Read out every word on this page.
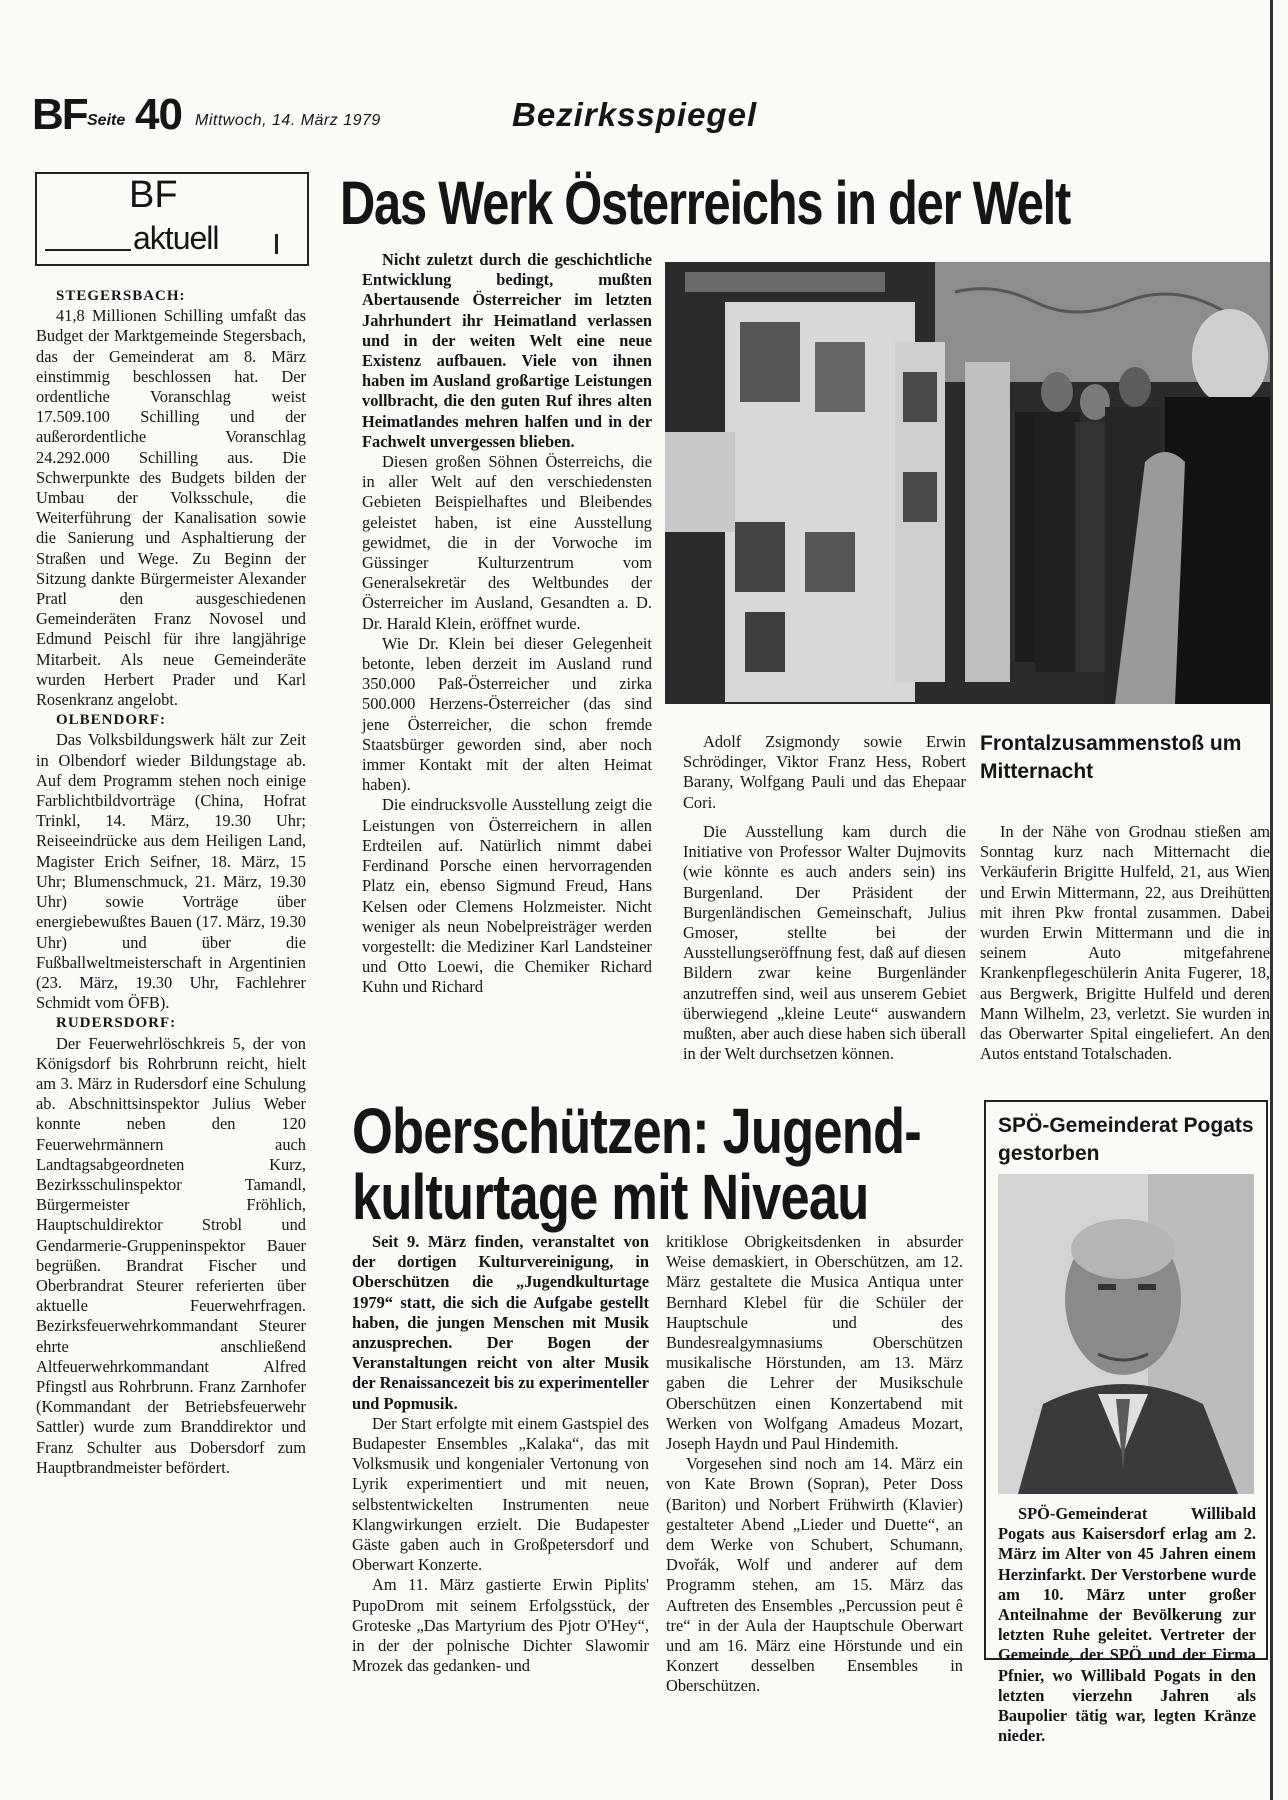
BF Seite 40 Mittwoch, 14. März 1979	Bezirksspiegel
BF
aktuell

STEGERSBACH:

41,8 Millionen Schilling umfaßt das Budget der Marktgemeinde Stegersbach, das der Gemeinderat am 8. März einstimmig beschlossen hat. Der ordentliche Voranschlag weist 17.509.100 Schilling und der außerordentliche Voranschlag 24.292.000 Schilling aus. Die Schwerpunkte des Budgets bilden der Umbau der Volksschule, die Weiterführung der Kanalisation sowie die Sanierung und Asphaltierung der Straßen und Wege. Zu Beginn der Sitzung dankte Bürgermeister Alexander Pratl den ausgeschiedenen Gemeinderäten Franz Novosel und Edmund Peischl für ihre langjährige Mitarbeit. Als neue Gemeinderäte wurden Herbert Prader und Karl Rosenkranz angelobt.

OLBENDORF:

Das Volksbildungswerk hält zur Zeit in Olbendorf wieder Bildungstage ab. Auf dem Programm stehen noch einige Farblichtbildvorträge (China, Hofrat Trinkl, 14. März, 19.30 Uhr; Reiseeindrücke aus dem Heiligen Land, Magister Erich Seifner, 18. März, 15 Uhr; Blumenschmuck, 21. März, 19.30 Uhr) sowie Vorträge über energiebewußtes Bauen (17. März, 19.30 Uhr) und über die Fußballweltmeisterschaft in Argentinien (23. März, 19.30 Uhr, Fachlehrer Schmidt vom ÖFB).

RUDERSDORF:

Der Feuerwehrlöschkreis 5, der von Königsdorf bis Rohrbrunn reicht, hielt am 3. März in Rudersdorf eine Schulung ab. Abschnittsinspektor Julius Weber konnte neben den 120 Feuerwehrmännern auch Landtagsabgeordneten Kurz, Bezirksschulinspektor Tamandl, Bürgermeister Fröhlich, Hauptschuldirektor Strobl und Gendarmerie-Gruppeninspektor Bauer begrüßen. Brandrat Fischer und Oberbrandrat Steurer referierten über aktuelle Feuerwehrfragen. Bezirksfeuerwehrkommandant Steurer ehrte anschließend Altfeuerwehrkommandant Alfred Pfingstl aus Rohrbrunn. Franz Zarnhofer (Kommandant der Betriebsfeuerwehr Sattler) wurde zum Branddirektor und Franz Schulter aus Dobersdorf zum Hauptbrandmeister befördert.

Das Werk Österreichs in der Welt

Nicht zuletzt durch die geschichtliche Entwicklung bedingt, mußten Abertausende Österreicher im letzten Jahrhundert ihr Heimatland verlassen und in der weiten Welt eine neue Existenz aufbauen. Viele von ihnen haben im Ausland großartige Leistungen vollbracht, die den guten Ruf ihres alten Heimatlandes mehren halfen und in der Fachwelt unvergessen blieben.

Diesen großen Söhnen Österreichs, die in aller Welt auf den verschiedensten Gebieten Beispielhaftes und Bleibendes geleistet haben, ist eine Ausstellung gewidmet, die in der Vorwoche im Güssinger Kulturzentrum vom Generalsekretär des Weltbundes der Österreicher im Ausland, Gesandten a. D. Dr. Harald Klein, eröffnet wurde.

Wie Dr. Klein bei dieser Gelegenheit betonte, leben derzeit im Ausland rund 350.000 Paß-Österreicher und zirka 500.000 Herzens-Österreicher (das sind jene Österreicher, die schon fremde Staatsbürger geworden sind, aber noch immer Kontakt mit der alten Heimat haben).

Die eindrucksvolle Ausstellung zeigt die Leistungen von Österreichern in allen Erdteilen auf. Natürlich nimmt dabei Ferdinand Porsche einen hervorragenden Platz ein, ebenso Sigmund Freud, Hans Kelsen oder Clemens Holzmeister. Nicht weniger als neun Nobelpreisträger werden vorgestellt: die Mediziner Karl Landsteiner und Otto Loewi, die Chemiker Richard Kuhn und Richard

Adolf Zsigmondy sowie Erwin Schrödinger, Viktor Franz Hess, Robert Barany, Wolfgang Pauli und das Ehepaar Cori.

Die Ausstellung kam durch die Initiative von Professor Walter Dujmovits (wie könnte es auch anders sein) ins Burgenland. Der Präsident der Burgenländischen Gemeinschaft, Julius Gmoser, stellte bei der Ausstellungseröffnung fest, daß auf diesen Bildern zwar keine Burgenländer anzutreffen sind, weil aus unserem Gebiet überwiegend „kleine Leute“ auswandern mußten, aber auch diese haben sich überall in der Welt durchsetzen können.

Frontalzusammenstoß um Mitternacht

In der Nähe von Grodnau stießen am Sonntag kurz nach Mitternacht die Verkäuferin Brigitte Hulfeld, 21, aus Wien und Erwin Mittermann, 22, aus Dreihütten mit ihren Pkw frontal zusammen. Dabei wurden Erwin Mittermann und die in seinem Auto mitgefahrene Krankenpflegeschülerin Anita Fugerer, 18, aus Bergwerk, Brigitte Hulfeld und deren Mann Wilhelm, 23, verletzt. Sie wurden in das Oberwarter Spital eingeliefert. An den Autos entstand Totalschaden.

Oberschützen: Jugend-
kulturtage mit Niveau

Seit 9. März finden, veranstaltet von der dortigen Kulturvereinigung, in Oberschützen die „Jugendkulturtage 1979“ statt, die sich die Aufgabe gestellt haben, die jungen Menschen mit Musik anzusprechen. Der Bogen der Veranstaltungen reicht von alter Musik der Renaissancezeit bis zu experimenteller und Popmusik.

Der Start erfolgte mit einem Gastspiel des Budapester Ensembles „Kalaka“, das mit Volksmusik und kongenialer Vertonung von Lyrik experimentiert und mit neuen, selbstentwickelten Instrumenten neue Klangwirkungen erzielt. Die Budapester Gäste gaben auch in Großpetersdorf und Oberwart Konzerte.

Am 11. März gastierte Erwin Piplits' PupoDrom mit seinem Erfolgsstück, der Groteske „Das Martyrium des Pjotr O'Hey“, in der der polnische Dichter Slawomir Mrozek das gedanken- und

kritiklose Obrigkeitsdenken in absurder Weise demaskiert, in Oberschützen, am 12. März gestaltete die Musica Antiqua unter Bernhard Klebel für die Schüler der Hauptschule und des Bundesrealgymnasiums Oberschützen musikalische Hörstunden, am 13. März gaben die Lehrer der Musikschule Oberschützen einen Konzertabend mit Werken von Wolfgang Amadeus Mozart, Joseph Haydn und Paul Hindemith.

Vorgesehen sind noch am 14. März ein von Kate Brown (Sopran), Peter Doss (Bariton) und Norbert Frühwirth (Klavier) gestalteter Abend „Lieder und Duette“, an dem Werke von Schubert, Schumann, Dvořák, Wolf und anderer auf dem Programm stehen, am 15. März das Auftreten des Ensembles „Percussion peut ê tre“ in der Aula der Hauptschule Oberwart und am 16. März eine Hörstunde und ein Konzert desselben Ensembles in Oberschützen.

SPÖ-Gemeinderat Pogats gestorben

SPÖ-Gemeinderat Willibald Pogats aus Kaisersdorf erlag am 2. März im Alter von 45 Jahren einem Herzinfarkt. Der Verstorbene wurde am 10. März unter großer Anteilnahme der Bevölkerung zur letzten Ruhe geleitet. Vertreter der Gemeinde, der SPÖ und der Firma Pfnier, wo Willibald Pogats in den letzten vierzehn Jahren als Baupolier tätig war, legten Kränze nieder.
